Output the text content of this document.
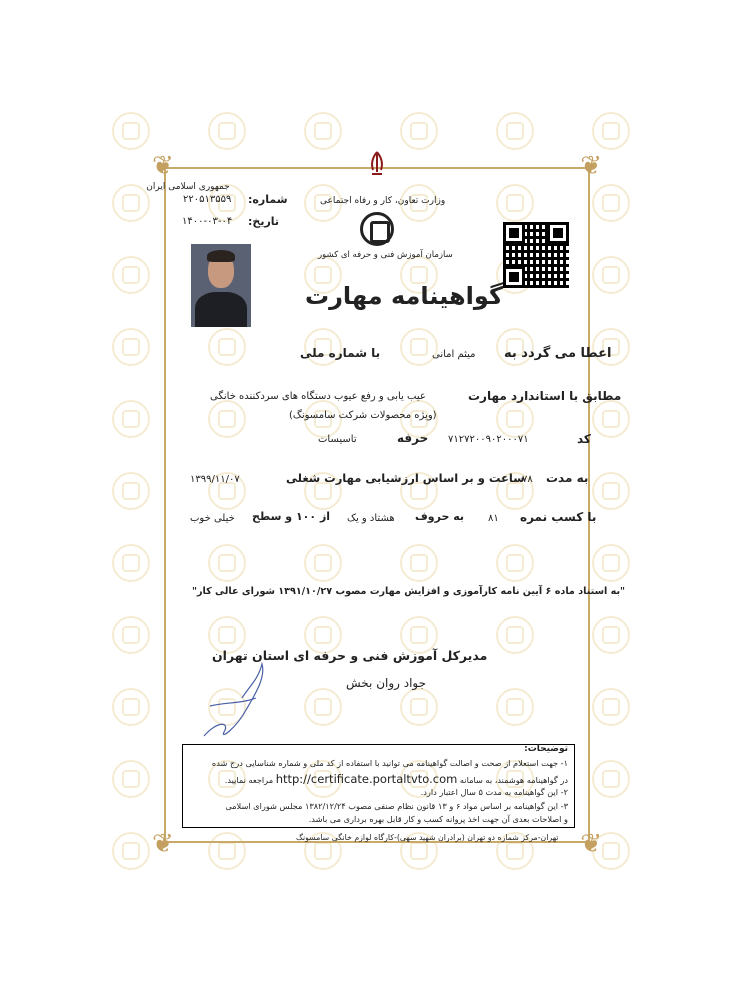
❦	❦
❦	❦
جمهوری اسلامی ایران
وزارت تعاون، کار و رفاه اجتماعی
سازمان آموزش فنی و حرفه ای کشور
شماره:
۲۲۰۵۱۳۵۵۹
تاریخ:
۱۴۰۰-۰۳-۰۴
گواهینامه مهارت
اعطا می گردد به
میثم امانی
با شماره ملی
مطابق با استاندارد مهارت
عیب یابی و رفع عیوب دستگاه های سردکننده خانگی
(ویژه محصولات شرکت سامسونگ)
کد
۷۱۲۷۲۰۰۹۰۲۰۰۰۷۱
حرفه
تاسیسات
به مدت
۷۸
ساعت و بر اساس ارزشیابی مهارت شغلی
۱۳۹۹/۱۱/۰۷
با کسب نمره
۸۱
به حروف
هشتاد و یک
از ۱۰۰ و سطح
خیلی خوب
"به استناد ماده ۶ آیین نامه کارآموزی و افزایش مهارت مصوب ۱۳۹۱/۱۰/۲۷ شورای عالی کار"
مدیرکل آموزش فنی و حرفه ای استان تهران
جواد روان بخش
توضیحات:
۱- جهت استعلام از صحت و اصالت گواهینامه می توانید با استفاده از کد ملی و شماره شناسایی درج شده
در گواهینامه هوشمند، به سامانه http://certificate.portaltvto.com مراجعه نمایید.
۲- این گواهینامه به مدت ۵ سال اعتبار دارد.
۳- این گواهینامه بر اساس مواد ۶ و ۱۳ قانون نظام صنفی مصوب ۱۳۸۲/۱۲/۲۴ مجلس شورای اسلامی
و اصلاحات بعدی آن جهت اخذ پروانه کسب و کار قابل بهره برداری می باشد.
تهران-مرکز شماره دو تهران (برادران شهید سهی)-کارگاه لوازم خانگی سامسونگ
